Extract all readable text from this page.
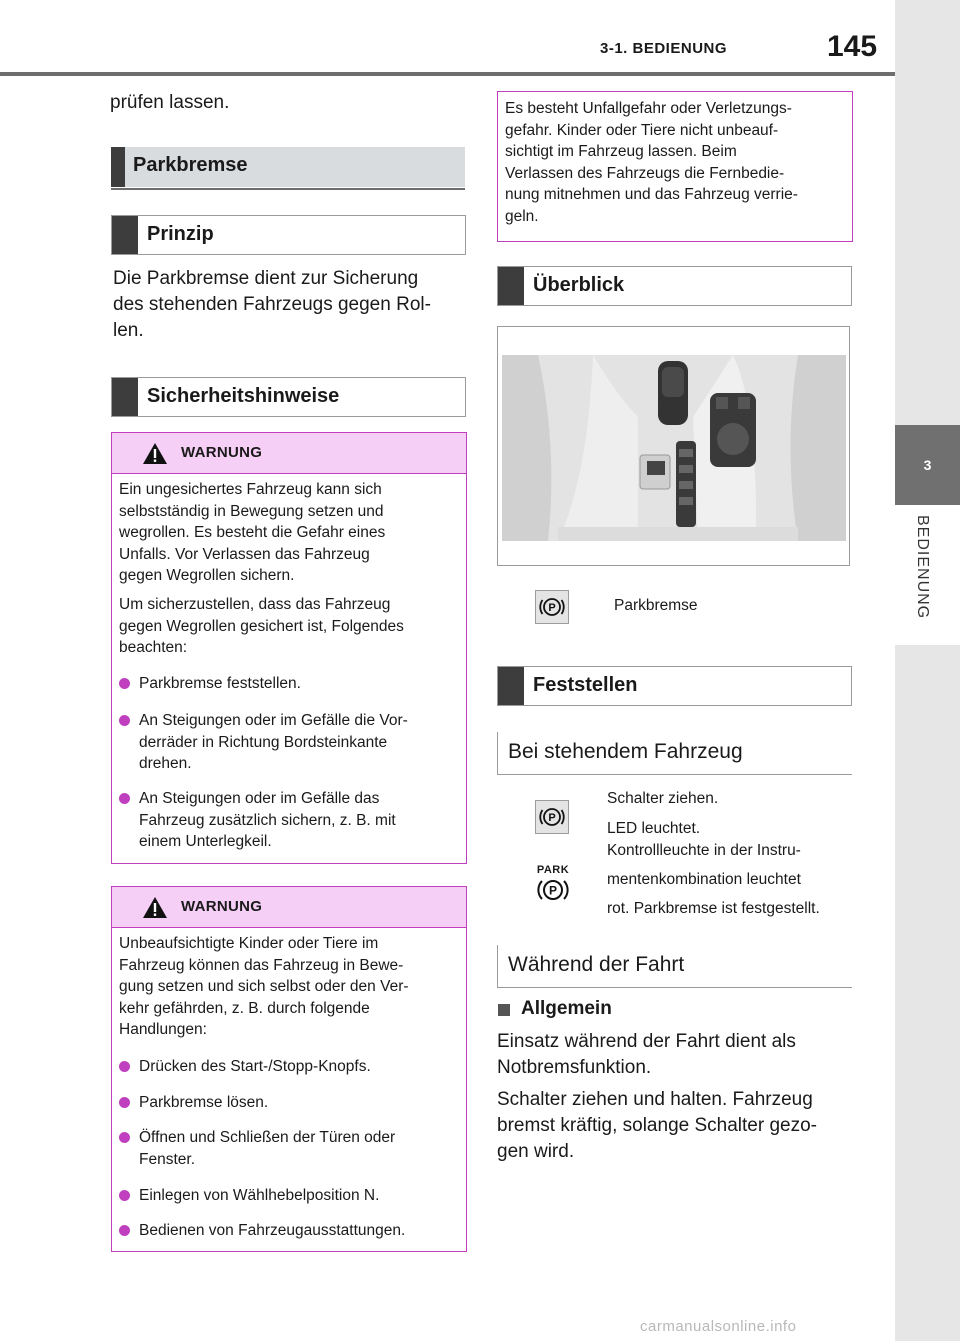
3-1. BEDIENUNG	145
3
BEDIENUNG
prüfen lassen.
Parkbremse
Prinzip
Die Parkbremse dient zur Sicherung
des stehenden Fahrzeugs gegen Rol-
len.
Sicherheitshinweise
WARNUNG
Ein ungesichertes Fahrzeug kann sich
selbstständig in Bewegung setzen und
wegrollen. Es besteht die Gefahr eines
Unfalls. Vor Verlassen das Fahrzeug
gegen Wegrollen sichern.
Um sicherzustellen, dass das Fahrzeug
gegen Wegrollen gesichert ist, Folgendes
beachten:
Parkbremse feststellen.
An Steigungen oder im Gefälle die Vor-
derräder in Richtung Bordsteinkante
drehen.
An Steigungen oder im Gefälle das
Fahrzeug zusätzlich sichern, z. B. mit
einem Unterlegkeil.
WARNUNG
Unbeaufsichtigte Kinder oder Tiere im
Fahrzeug können das Fahrzeug in Bewe-
gung setzen und sich selbst oder den Ver-
kehr gefährden, z. B. durch folgende
Handlungen:
Drücken des Start-/Stopp-Knopfs.
Parkbremse lösen.
Öffnen und Schließen der Türen oder
Fenster.
Einlegen von Wählhebelposition N.
Bedienen von Fahrzeugausstattungen.
Es besteht Unfallgefahr oder Verletzungs-
gefahr. Kinder oder Tiere nicht unbeauf-
sichtigt im Fahrzeug lassen. Beim
Verlassen des Fahrzeugs die Fernbedie-
nung mitnehmen und das Fahrzeug verrie-
geln.
Überblick
P	Parkbremse
Feststellen
Bei stehendem Fahrzeug
P
PARK
P
Schalter ziehen.
LED leuchtet.
Kontrollleuchte in der Instru-
mentenkombination leuchtet
rot. Parkbremse ist festgestellt.
Während der Fahrt
Allgemein
Einsatz während der Fahrt dient als
Notbremsfunktion.
Schalter ziehen und halten. Fahrzeug
bremst kräftig, solange Schalter gezo-
gen wird.
carmanualsonline.info
